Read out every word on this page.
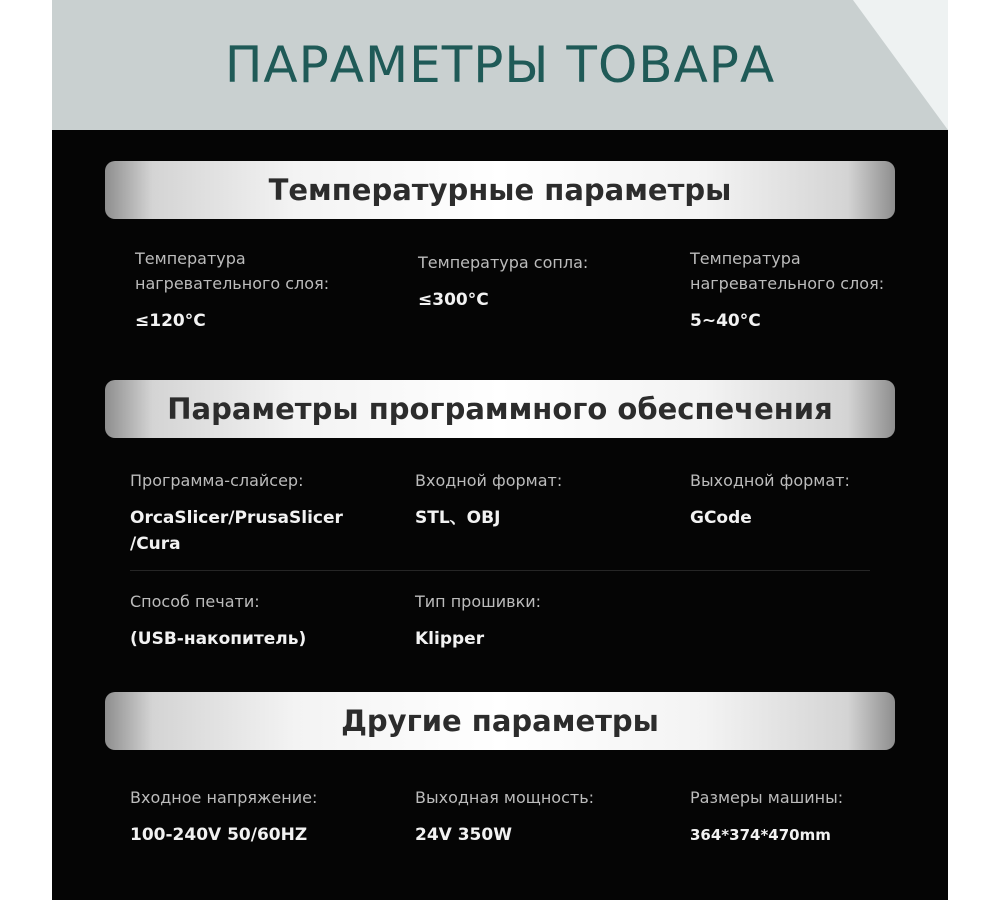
ПАРАМЕТРЫ ТОВАРА
Температурные параметры
Температура нагревательного слоя:
≤120°C
Температура сопла:
≤300°C
Температура нагревательного слоя:
5~40°C
Параметры программного обеспечения
Программа-слайсер:
OrcaSlicer/PrusaSlicer /Cura
Входной формат:
STL、OBJ
Выходной формат:
GCode
Способ печати:
(USB-накопитель)
Тип прошивки:
Klipper
Другие параметры
Входное напряжение:
100-240V 50/60HZ
Выходная мощность:
24V 350W
Размеры машины:
364*374*470mm
